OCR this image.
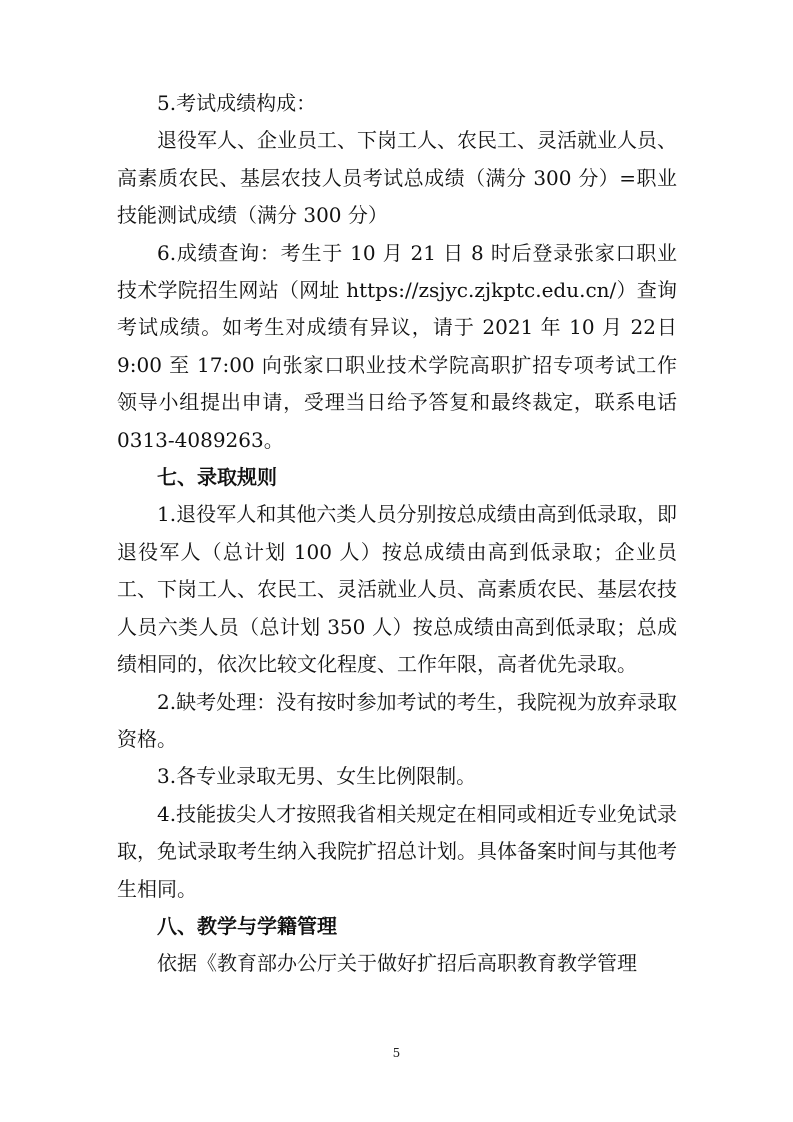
5.考试成绩构成：

退役军人、企业员工、下岗工人、农民工、灵活就业人员、高素质农民、基层农技人员考试总成绩（满分 300 分）=职业技能测试成绩（满分 300 分）

6.成绩查询：考生于 10 月 21 日 8 时后登录张家口职业技术学院招生网站（网址 https://zsjyc.zjkptc.edu.cn/）查询考试成绩。如考生对成绩有异议，请于 2021 年 10 月 22日 9:00 至 17:00 向张家口职业技术学院高职扩招专项考试工作领导小组提出申请，受理当日给予答复和最终裁定，联系电话 0313-4089263。

七、录取规则

1.退役军人和其他六类人员分别按总成绩由高到低录取，即退役军人（总计划 100 人）按总成绩由高到低录取；企业员工、下岗工人、农民工、灵活就业人员、高素质农民、基层农技人员六类人员（总计划 350 人）按总成绩由高到低录取；总成绩相同的，依次比较文化程度、工作年限，高者优先录取。

2.缺考处理：没有按时参加考试的考生，我院视为放弃录取资格。

3.各专业录取无男、女生比例限制。

4.技能拔尖人才按照我省相关规定在相同或相近专业免试录取，免试录取考生纳入我院扩招总计划。具体备案时间与其他考生相同。

八、教学与学籍管理

依据《教育部办公厅关于做好扩招后高职教育教学管理

5
